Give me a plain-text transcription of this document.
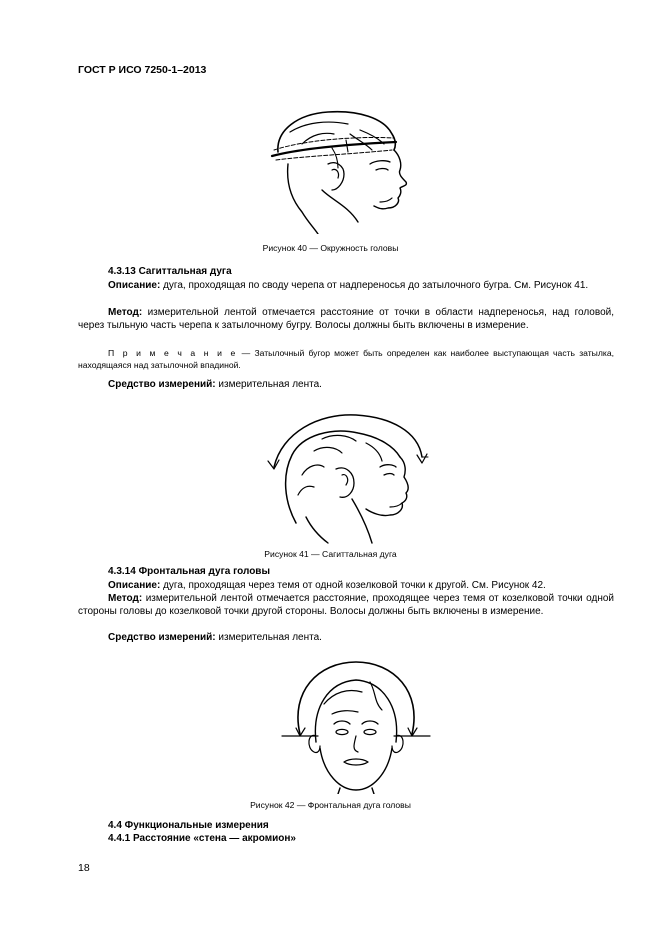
ГОСТ Р ИСО 7250-1–2013
Рисунок 40 — Окружность головы
4.3.13 Сагиттальная дуга
Описание: дуга, проходящая по своду черепа от надпереносья до затылочного бугра. См. Рисунок 41.
Метод: измерительной лентой отмечается расстояние от точки в области надпереносья, над головой, через тыльную часть черепа к затылочному бугру. Волосы должны быть включены в измерение.
П р и м е ч а н и е — Затылочный бугор может быть определен как наиболее выступающая часть затылка, находящаяся над затылочной впадиной.
Средство измерений: измерительная лента.
Рисунок 41 — Сагиттальная дуга
4.3.14 Фронтальная дуга головы
Описание: дуга, проходящая через темя от одной козелковой точки к другой. См. Рисунок 42.
Метод: измерительной лентой отмечается расстояние, проходящее через темя от козелковой точки одной стороны головы до козелковой точки другой стороны. Волосы должны быть включены в измерение.
Средство измерений: измерительная лента.
Рисунок 42 — Фронтальная дуга головы
4.4 Функциональные измерения
4.4.1 Расстояние «стена — акромион»
18
